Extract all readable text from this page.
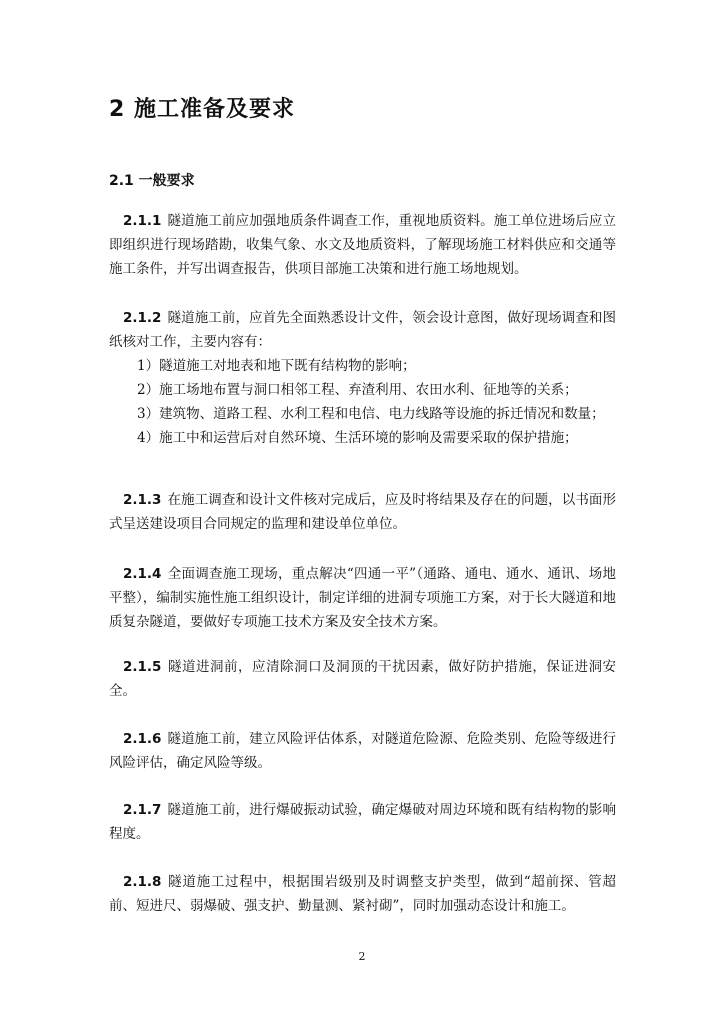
2 施工准备及要求
2.1 一般要求

2.1.1 隧道施工前应加强地质条件调查工作，重视地质资料。施工单位进场后应立即组织进行现场踏勘，收集气象、水文及地质资料，了解现场施工材料供应和交通等施工条件，并写出调查报告，供项目部施工决策和进行施工场地规划。

2.1.2 隧道施工前，应首先全面熟悉设计文件，领会设计意图，做好现场调查和图纸核对工作，主要内容有：
1）隧道施工对地表和地下既有结构物的影响；
2）施工场地布置与洞口相邻工程、弃渣利用、农田水利、征地等的关系；
3）建筑物、道路工程、水利工程和电信、电力线路等设施的拆迁情况和数量；
4）施工中和运营后对自然环境、生活环境的影响及需要采取的保护措施；

2.1.3 在施工调查和设计文件核对完成后，应及时将结果及存在的问题，以书面形式呈送建设项目合同规定的监理和建设单位单位。

2.1.4 全面调查施工现场，重点解决“四通一平”（通路、通电、通水、通讯、场地平整），编制实施性施工组织设计，制定详细的进洞专项施工方案，对于长大隧道和地质复杂隧道，要做好专项施工技术方案及安全技术方案。

2.1.5 隧道进洞前，应清除洞口及洞顶的干扰因素，做好防护措施，保证进洞安全。

2.1.6 隧道施工前，建立风险评估体系，对隧道危险源、危险类别、危险等级进行风险评估，确定风险等级。

2.1.7 隧道施工前，进行爆破振动试验，确定爆破对周边环境和既有结构物的影响程度。

2.1.8 隧道施工过程中，根据围岩级别及时调整支护类型，做到“超前探、管超前、短进尺、弱爆破、强支护、勤量测、紧衬砌”，同时加强动态设计和施工。

2
